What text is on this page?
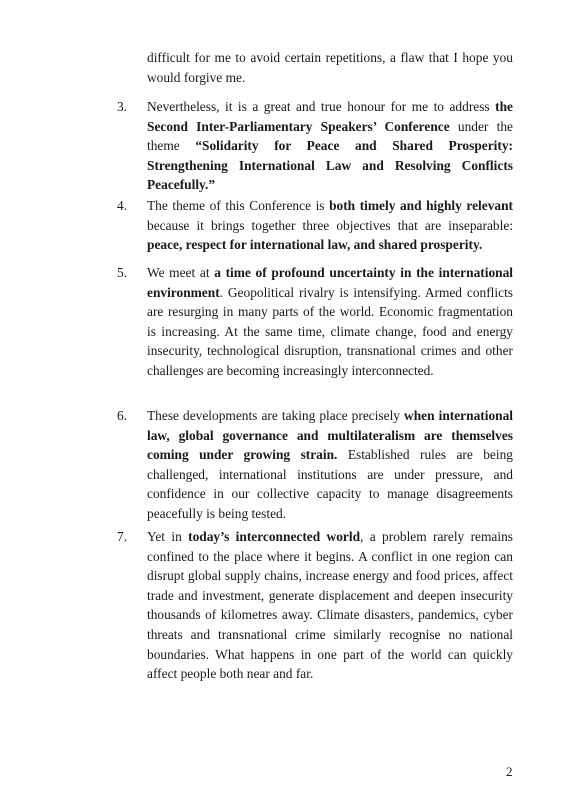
difficult for me to avoid certain repetitions, a flaw that I hope you would forgive me.

3. Nevertheless, it is a great and true honour for me to address the Second Inter-Parliamentary Speakers’ Conference under the theme “Solidarity for Peace and Shared Prosperity: Strengthening International Law and Resolving Conflicts Peacefully.”

4. The theme of this Conference is both timely and highly relevant because it brings together three objectives that are inseparable: peace, respect for international law, and shared prosperity.

5. We meet at a time of profound uncertainty in the international environment. Geopolitical rivalry is intensifying. Armed conflicts are resurging in many parts of the world. Economic fragmentation is increasing. At the same time, climate change, food and energy insecurity, technological disruption, transnational crimes and other challenges are becoming increasingly interconnected.

6. These developments are taking place precisely when international law, global governance and multilateralism are themselves coming under growing strain. Established rules are being challenged, international institutions are under pressure, and confidence in our collective capacity to manage disagreements peacefully is being tested.

7. Yet in today’s interconnected world, a problem rarely remains confined to the place where it begins. A conflict in one region can disrupt global supply chains, increase energy and food prices, affect trade and investment, generate displacement and deepen insecurity thousands of kilometres away. Climate disasters, pandemics, cyber threats and transnational crime similarly recognise no national boundaries. What happens in one part of the world can quickly affect people both near and far.

2
